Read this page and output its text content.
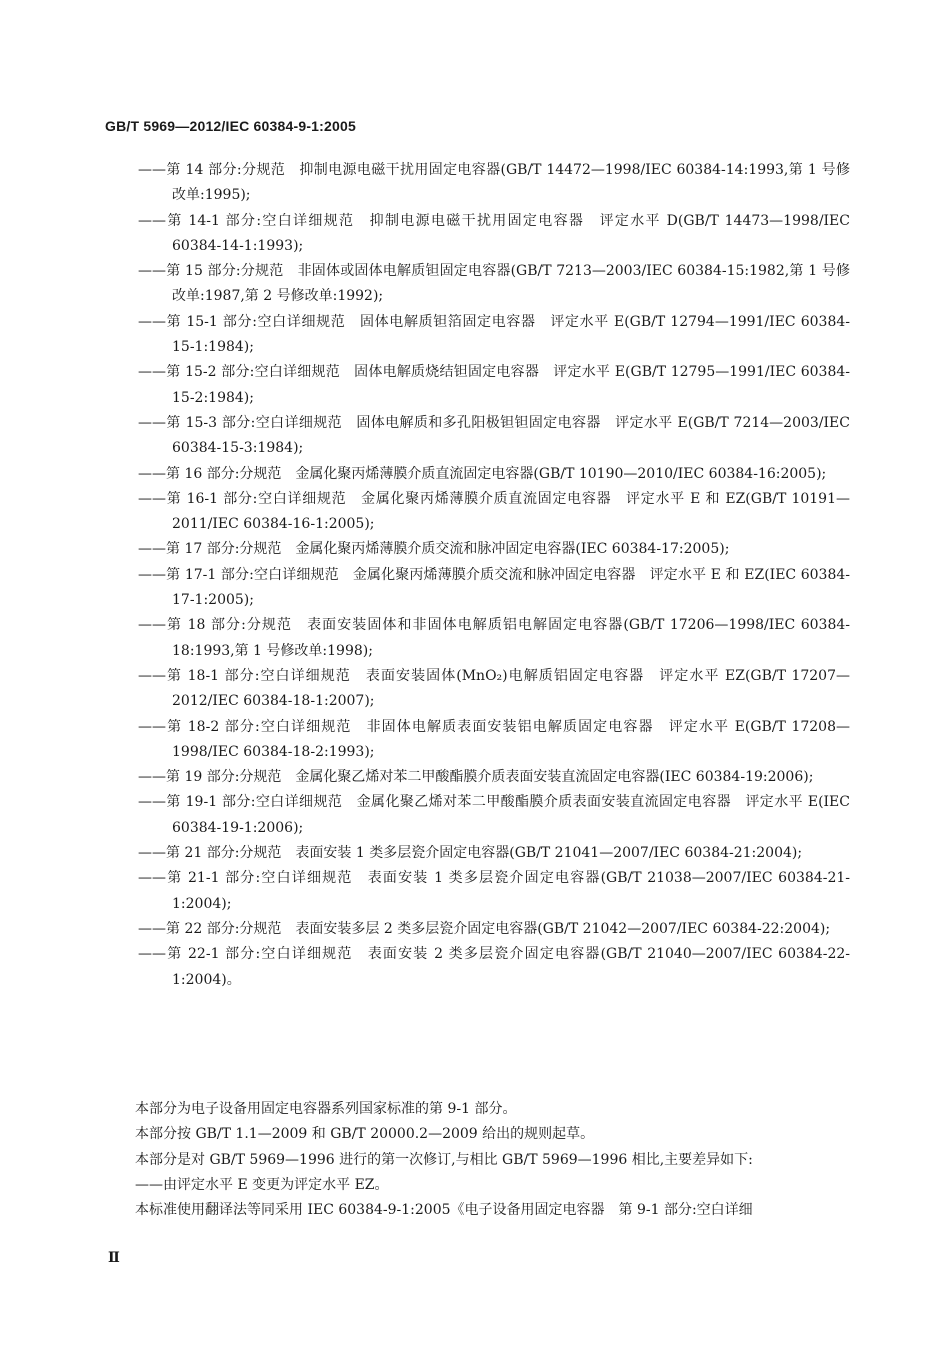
GB/T 5969—2012/IEC 60384-9-1:2005
——第 14 部分:分规范　抑制电源电磁干扰用固定电容器(GB/T 14472—1998/IEC 60384-14:1993,第 1 号修改单:1995);
——第 14-1 部分:空白详细规范　抑制电源电磁干扰用固定电容器　评定水平 D(GB/T 14473—1998/IEC 60384-14-1:1993);
——第 15 部分:分规范　非固体或固体电解质钽固定电容器(GB/T 7213—2003/IEC 60384-15:1982,第 1 号修改单:1987,第 2 号修改单:1992);
——第 15-1 部分:空白详细规范　固体电解质钽箔固定电容器　评定水平 E(GB/T 12794—1991/IEC 60384-15-1:1984);
——第 15-2 部分:空白详细规范　固体电解质烧结钽固定电容器　评定水平 E(GB/T 12795—1991/IEC 60384-15-2:1984);
——第 15-3 部分:空白详细规范　固体电解质和多孔阳极钽钽固定电容器　评定水平 E(GB/T 7214—2003/IEC 60384-15-3:1984);
——第 16 部分:分规范　金属化聚丙烯薄膜介质直流固定电容器(GB/T 10190—2010/IEC 60384-16:2005);
——第 16-1 部分:空白详细规范　金属化聚丙烯薄膜介质直流固定电容器　评定水平 E 和 EZ(GB/T 10191—2011/IEC 60384-16-1:2005);
——第 17 部分:分规范　金属化聚丙烯薄膜介质交流和脉冲固定电容器(IEC 60384-17:2005);
——第 17-1 部分:空白详细规范　金属化聚丙烯薄膜介质交流和脉冲固定电容器　评定水平 E 和 EZ(IEC 60384-17-1:2005);
——第 18 部分:分规范　表面安装固体和非固体电解质铝电解固定电容器(GB/T 17206—1998/IEC 60384-18:1993,第 1 号修改单:1998);
——第 18-1 部分:空白详细规范　表面安装固体(MnO₂)电解质铝固定电容器　评定水平 EZ(GB/T 17207—2012/IEC 60384-18-1:2007);
——第 18-2 部分:空白详细规范　非固体电解质表面安装铝电解质固定电容器　评定水平 E(GB/T 17208—1998/IEC 60384-18-2:1993);
——第 19 部分:分规范　金属化聚乙烯对苯二甲酸酯膜介质表面安装直流固定电容器(IEC 60384-19:2006);
——第 19-1 部分:空白详细规范　金属化聚乙烯对苯二甲酸酯膜介质表面安装直流固定电容器　评定水平 E(IEC 60384-19-1:2006);
——第 21 部分:分规范　表面安装 1 类多层瓷介固定电容器(GB/T 21041—2007/IEC 60384-21:2004);
——第 21-1 部分:空白详细规范　表面安装 1 类多层瓷介固定电容器(GB/T 21038—2007/IEC 60384-21-1:2004);
——第 22 部分:分规范　表面安装多层 2 类多层瓷介固定电容器(GB/T 21042—2007/IEC 60384-22:2004);
——第 22-1 部分:空白详细规范　表面安装 2 类多层瓷介固定电容器(GB/T 21040—2007/IEC 60384-22-1:2004)。
本部分为电子设备用固定电容器系列国家标准的第 9-1 部分。
本部分按 GB/T 1.1—2009 和 GB/T 20000.2—2009 给出的规则起草。
本部分是对 GB/T 5969—1996 进行的第一次修订,与相比 GB/T 5969—1996 相比,主要差异如下:
——由评定水平 E 变更为评定水平 EZ。
本标准使用翻译法等同采用 IEC 60384-9-1:2005《电子设备用固定电容器　第 9-1 部分:空白详细
Ⅱ
